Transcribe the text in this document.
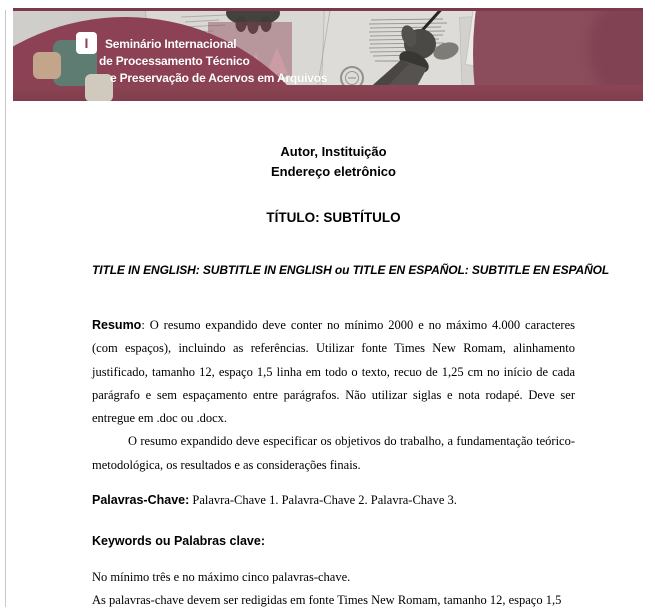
I Seminário Internacional
de Processamento Técnico
e Preservação de Acervos em Arquivos
Autor, Instituição
Endereço eletrônico
TÍTULO: SUBTÍTULO
TITLE IN ENGLISH: SUBTITLE IN ENGLISH ou TITLE EN ESPAÑOL: SUBTITLE EN ESPAÑOL

Resumo: O resumo expandido deve conter no mínimo 2000 e no máximo 4.000 caracteres (com espaços), incluindo as referências. Utilizar fonte Times New Romam, alinhamento justificado, tamanho 12, espaço 1,5 linha em todo o texto, recuo de 1,25 cm no início de cada parágrafo e sem espaçamento entre parágrafos. Não utilizar siglas e nota rodapé. Deve ser entregue em .doc ou .docx.

O resumo expandido deve especificar os objetivos do trabalho, a fundamentação teórico-metodológica, os resultados e as considerações finais.

Palavras-Chave: Palavra-Chave 1. Palavra-Chave 2. Palavra-Chave 3.
Keywords ou Palabras clave:
No mínimo três e no máximo cinco palavras-chave.
As palavras-chave devem ser redigidas em fonte Times New Romam, tamanho 12, espaço 1,5
